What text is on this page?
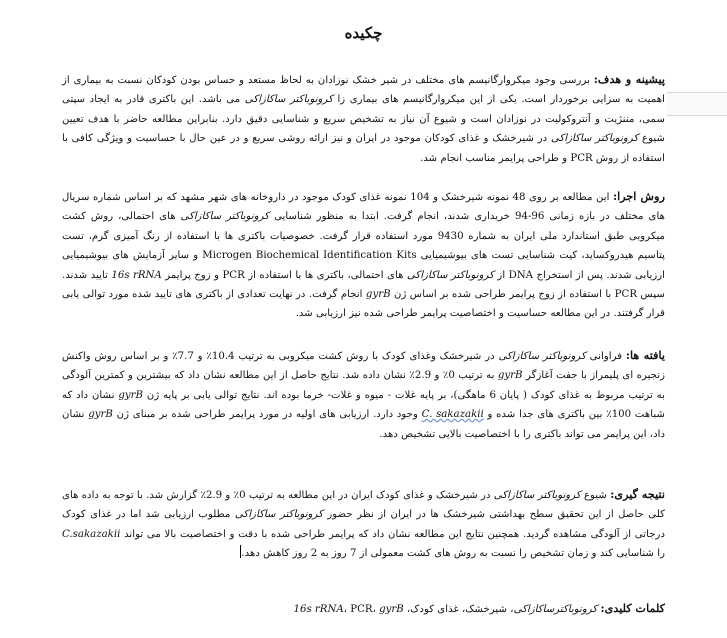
چکیده

پیشینه و هدف: بررسی وجود میکروارگانیسم های مختلف در شیر خشک نوزادان به لحاظ مستعد و حساس بودن کودکان نسبت به بیماری از اهمیت به سزایی برخوردار است. یکی از این میکروارگانیسم های بیماری زا کرونوباکتر ساکازاکی می باشد. این باکتری قادر به ایجاد سپتی سمی، مننژیت و آنتروکولیت در نوزادان است و شیوع آن نیاز به تشخیص سریع و شناسایی دقیق دارد. بنابراین مطالعه حاضر با هدف تعیین شیوع کرونوباکتر ساکازاکی در شیرخشک و غذای کودکان موجود در ایران و نیز ارائه روشی سریع و در عین حال با حساسیت و ویژگی کافی با استفاده از روش PCR و طراحی پرایمر مناسب انجام شد.

روش اجرا: این مطالعه بر روی 48 نمونه شیرخشک و 104 نمونه غذای کودک موجود در داروخانه های شهر مشهد که بر اساس شماره سریال های مختلف در بازه زمانی 96-94 خریداری شدند، انجام گرفت. ابتدا به منظور شناسایی کرونوباکتر ساکازاکی های احتمالی، روش کشت میکروبی طبق استاندارد ملی ایران به شماره 9430 مورد استفاده قرار گرفت. خصوصیات باکتری ها با استفاده از رنگ آمیزی گرم، تست پتاسیم هیدروکساید، کیت شناسایی تست های بیوشیمیایی Microgen Biochemical Identification Kits و سایر آزمایش های بیوشیمیایی ارزیابی شدند. پس از استخراج DNA از کرونوباکتر ساکازاکی های احتمالی، باکتری ها با استفاده از PCR و زوج پرایمر 16s rRNA تایید شدند. سپس PCR با استفاده از زوج پرایمر طراحی شده بر اساس ژن gyrB انجام گرفت. در نهایت تعدادی از باکتری های تایید شده مورد توالی یابی قرار گرفتند. در این مطالعه حساسیت و اختصاصیت پرایمر طراحی شده نیز ارزیابی شد.

یافته ها: فراوانی کرونوباکتر ساکازاکی در شیرخشک وغذای کودک با روش کشت میکروبی به ترتیب 10.4٪ و 7.7٪ و بر اساس روش واکنش زنجیره ای پلیمراز با جفت آغازگر gyrB به ترتیب 0٪ و 2.9٪ نشان داده شد. نتایج حاصل از این مطالعه نشان داد که بیشترین و کمترین آلودگی به ترتیب مربوط به غذای کودک ( پایان 6 ماهگی)، بر پایه غلات - میوه و غلات- خرما بوده اند. نتایج توالی یابی بر پایه ژن gyrB نشان داد که شباهت 100٪ بین باکتری های جدا شده و C. sakazakii وجود دارد. ارزیابی های اولیه در مورد پرایمر طراحی شده بر مبنای ژن gyrB نشان داد، این پرایمر می تواند باکتری را با اختصاصیت بالایی تشخیص دهد.

نتیجه گیری: شیوع کرونوباکتر ساکازاکی در شیرخشک و غذای کودک ایران در این مطالعه به ترتیب 0٪ و 2.9٪ گزارش شد. با توجه به داده های کلی حاصل از این تحقیق سطح بهداشتی شیرخشک ها در ایران از نظر حضور کرونوباکتر ساکازاکی مطلوب ارزیابی شد اما در غذای کودک درجاتی از آلودگی مشاهده گردید. همچنین نتایج این مطالعه نشان داد که پرایمر طراحی شده با دقت و اختصاصیت بالا می تواند C.sakazakii را شناسایی کند و زمان تشخیص را نسبت به روش های کشت معمولی از 7 روز به 2 روز کاهش دهد.

کلمات کلیدی: کرونوباکترساکازاکی، شیرخشک، غذای کودک، 16s rRNA، PCR، gyrB
